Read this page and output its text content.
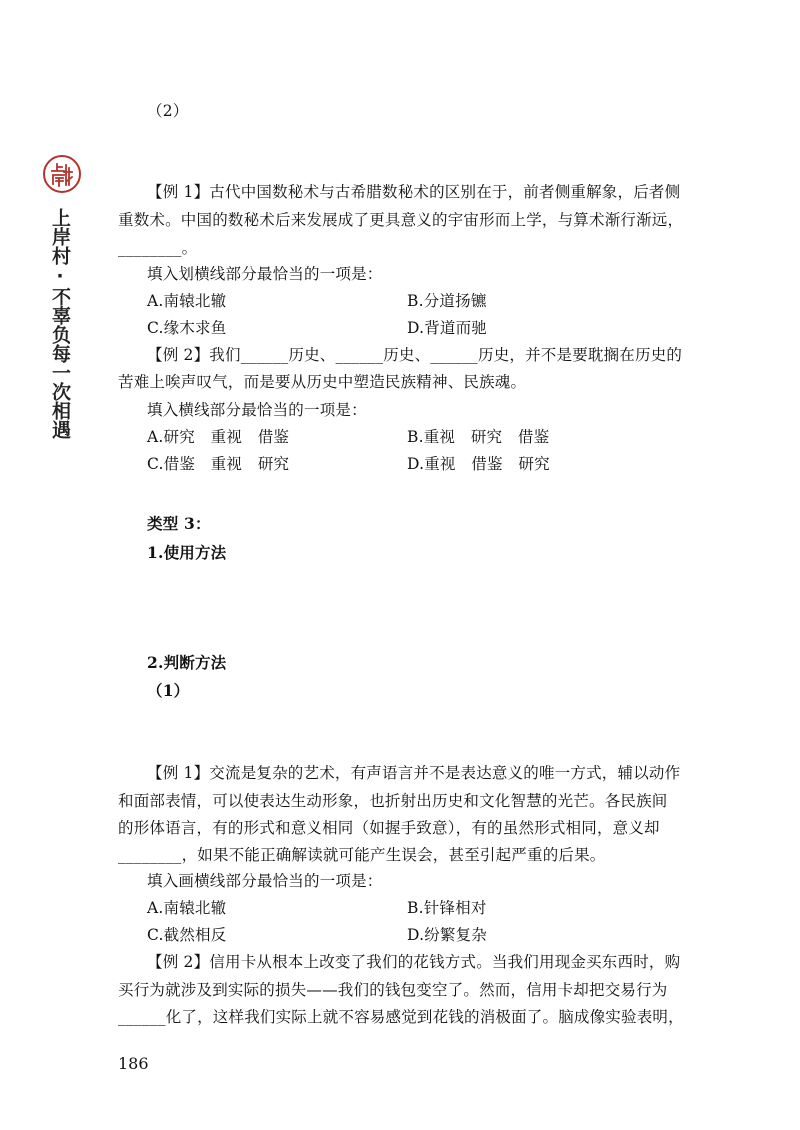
上岸村·不辜负每一次相遇
（2）
【例 1】古代中国数秘术与古希腊数秘术的区别在于，前者侧重解象，后者侧
重数术。中国的数秘术后来发展成了更具意义的宇宙形而上学，与算术渐行渐远，
________。
填入划横线部分最恰当的一项是：
A.南辕北辙	B.分道扬镳
C.缘木求鱼	D.背道而驰
【例 2】我们______历史、______历史、______历史，并不是要耽搁在历史的
苦难上唉声叹气，而是要从历史中塑造民族精神、民族魂。
填入横线部分最恰当的一项是：
A.研究　重视　借鉴	B.重视　研究　借鉴
C.借鉴　重视　研究	D.重视　借鉴　研究
类型 3：
1.使用方法
2.判断方法
（1）
【例 1】交流是复杂的艺术，有声语言并不是表达意义的唯一方式，辅以动作
和面部表情，可以使表达生动形象，也折射出历史和文化智慧的光芒。各民族间
的形体语言，有的形式和意义相同（如握手致意），有的虽然形式相同，意义却
________，如果不能正确解读就可能产生误会，甚至引起严重的后果。
填入画横线部分最恰当的一项是：
A.南辕北辙	B.针锋相对
C.截然相反	D.纷繁复杂
【例 2】信用卡从根本上改变了我们的花钱方式。当我们用现金买东西时，购
买行为就涉及到实际的损失——我们的钱包变空了。然而，信用卡却把交易行为
______化了，这样我们实际上就不容易感觉到花钱的消极面了。脑成像实验表明，
186
